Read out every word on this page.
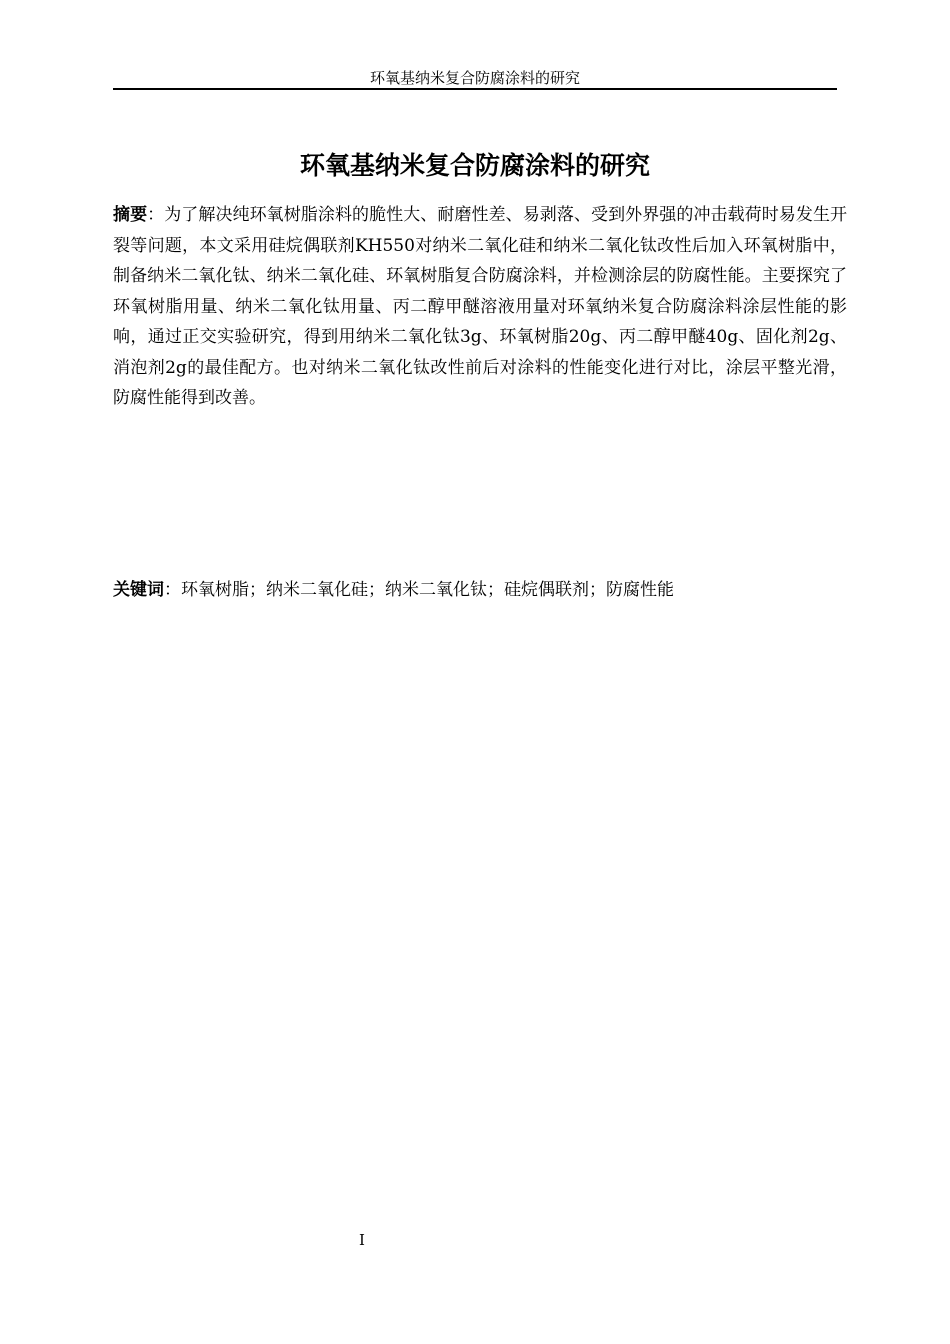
环氧基纳米复合防腐涂料的研究
环氧基纳米复合防腐涂料的研究

摘要：为了解决纯环氧树脂涂料的脆性大、耐磨性差、易剥落、受到外界强的冲击载荷时易发生开裂等问题，本文采用硅烷偶联剂KH550对纳米二氧化硅和纳米二氧化钛改性后加入环氧树脂中，制备纳米二氧化钛、纳米二氧化硅、环氧树脂复合防腐涂料，并检测涂层的防腐性能。主要探究了环氧树脂用量、纳米二氧化钛用量、丙二醇甲醚溶液用量对环氧纳米复合防腐涂料涂层性能的影响，通过正交实验研究，得到用纳米二氧化钛3g、环氧树脂20g、丙二醇甲醚40g、固化剂2g、消泡剂2g的最佳配方。也对纳米二氧化钛改性前后对涂料的性能变化进行对比，涂层平整光滑，防腐性能得到改善。

关键词：环氧树脂；纳米二氧化硅；纳米二氧化钛；硅烷偶联剂；防腐性能

I
